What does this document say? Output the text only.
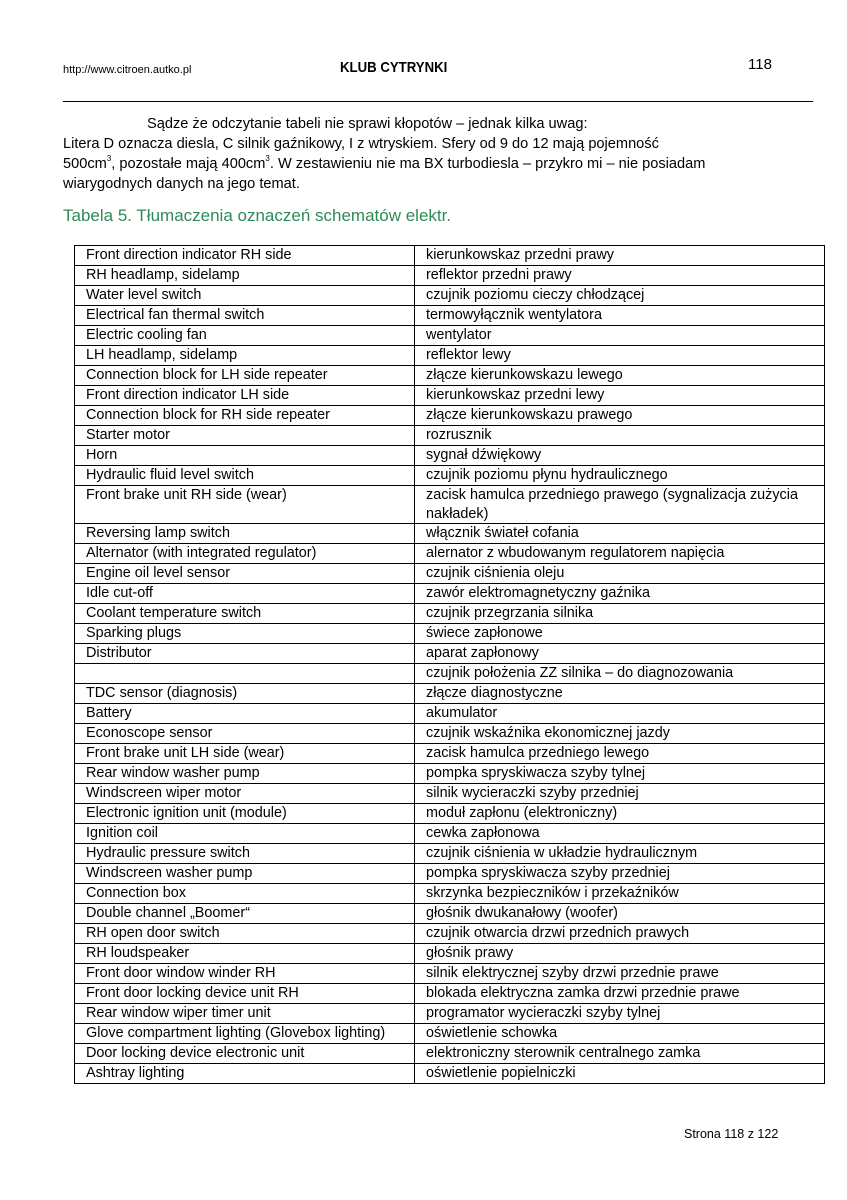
http://www.citroen.autko.pl	KLUB CYTRYNKI	118

Sądze że odczytanie tabeli nie sprawi kłopotów – jednak kilka uwag:

Litera D oznacza diesla, C silnik gaźnikowy, I z wtryskiem. Sfery od 9 do 12 mają pojemność

$500cm^3$, pozostałe mają $400cm^3$. W zestawieniu nie ma BX turbodiesla – przykro mi – nie posiadam

wiarygodnych danych na jego temat.

Tabela 5. Tłumaczenia oznaczeń schematów elektr.
Front direction indicator RH side	kierunkowskaz przedni prawy
RH headlamp, sidelamp	reflektor przedni prawy
Water level switch	czujnik poziomu cieczy chłodzącej
Electrical fan thermal switch	termowyłącznik wentylatora
Electric cooling fan	wentylator
LH headlamp, sidelamp	reflektor lewy
Connection block for LH side repeater	złącze kierunkowskazu lewego
Front direction indicator LH side	kierunkowskaz przedni lewy
Connection block for RH side repeater	złącze kierunkowskazu prawego
Starter motor	rozrusznik
Horn	sygnał dźwiękowy
Hydraulic fluid level switch	czujnik poziomu płynu hydraulicznego
Front brake unit RH side (wear)	zacisk hamulca przedniego prawego (sygnalizacja zużycia nakładek)
Reversing lamp switch	włącznik świateł cofania
Alternator (with integrated regulator)	alernator z wbudowanym regulatorem napięcia
Engine oil level sensor	czujnik ciśnienia oleju
Idle cut-off	zawór elektromagnetyczny gaźnika
Coolant temperature switch	czujnik przegrzania silnika
Sparking plugs	świece zapłonowe
Distributor	aparat zapłonowy
	czujnik położenia ZZ silnika – do diagnozowania
TDC sensor (diagnosis)	złącze diagnostyczne
Battery	akumulator
Econoscope sensor	czujnik wskaźnika ekonomicznej jazdy
Front brake unit LH side (wear)	zacisk hamulca przedniego lewego
Rear window washer pump	pompka spryskiwacza szyby tylnej
Windscreen wiper motor	silnik wycieraczki szyby przedniej
Electronic ignition unit (module)	moduł zapłonu (elektroniczny)
Ignition coil	cewka zapłonowa
Hydraulic pressure switch	czujnik ciśnienia w układzie hydraulicznym
Windscreen washer pump	pompka spryskiwacza szyby przedniej
Connection box	skrzynka bezpieczników i przekaźników
Double channel „Boomer“	głośnik dwukanałowy (woofer)
RH open door switch	czujnik otwarcia drzwi przednich prawych
RH loudspeaker	głośnik prawy
Front door window winder RH	silnik elektrycznej szyby drzwi przednie prawe
Front door locking device unit RH	blokada elektryczna zamka drzwi przednie prawe
Rear window wiper timer unit	programator wycieraczki szyby tylnej
Glove compartment lighting (Glovebox lighting)	oświetlenie schowka
Door locking device electronic unit	elektroniczny sterownik centralnego zamka
Ashtray lighting	oświetlenie popielniczki
Strona 118 z 122
